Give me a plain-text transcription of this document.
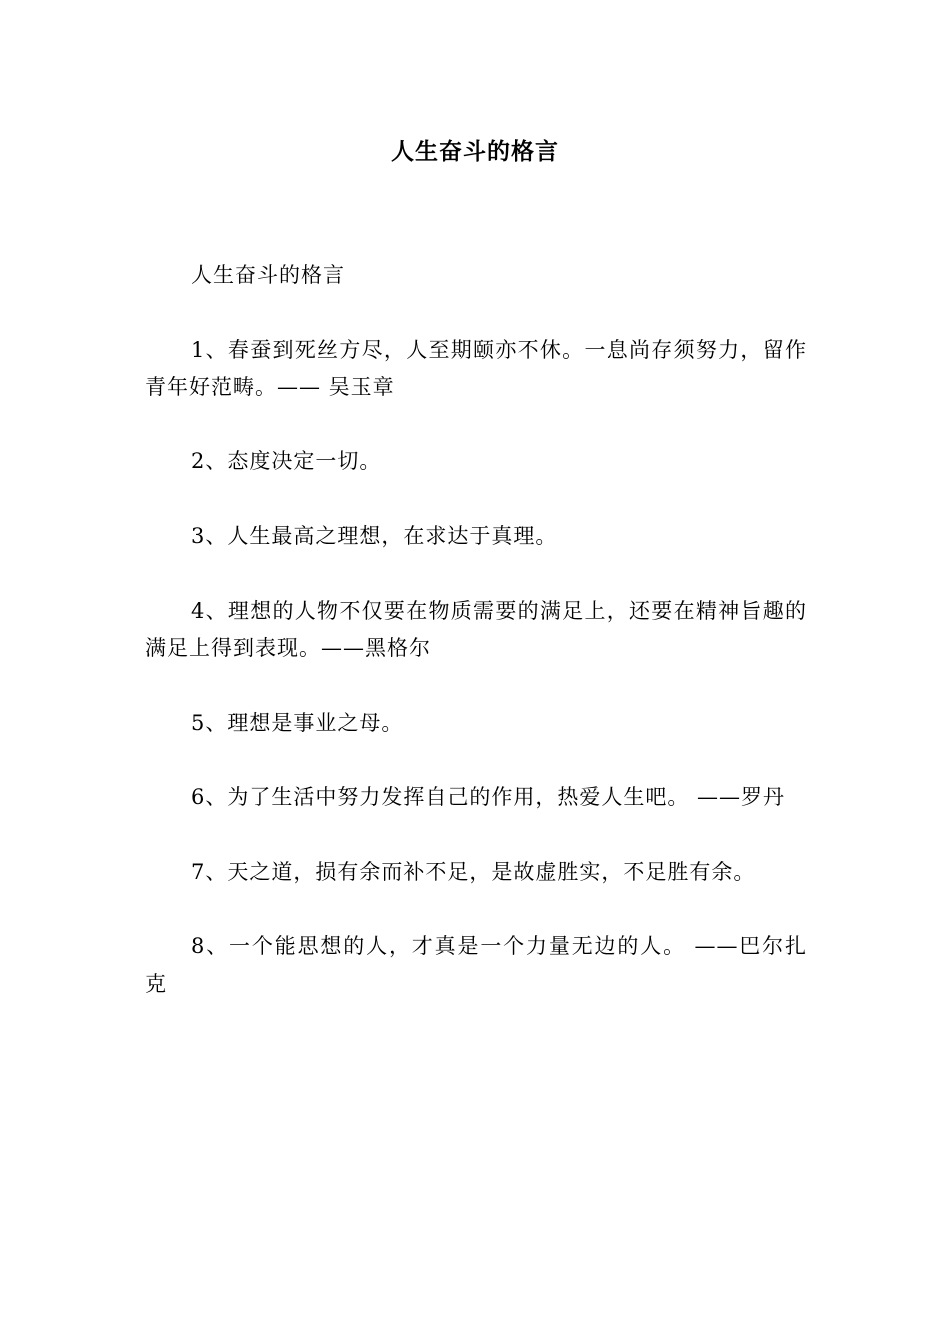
人生奋斗的格言

人生奋斗的格言

1、春蚕到死丝方尽，人至期颐亦不休。一息尚存须努力，留作青年好范畴。—— 吴玉章

2、态度决定一切。

3、人生最高之理想，在求达于真理。

4、理想的人物不仅要在物质需要的满足上，还要在精神旨趣的满足上得到表现。——黑格尔

5、理想是事业之母。

6、为了生活中努力发挥自己的作用，热爱人生吧。 ——罗丹

7、天之道，损有余而补不足，是故虚胜实，不足胜有余。

8、一个能思想的人，才真是一个力量无边的人。 ——巴尔扎克
